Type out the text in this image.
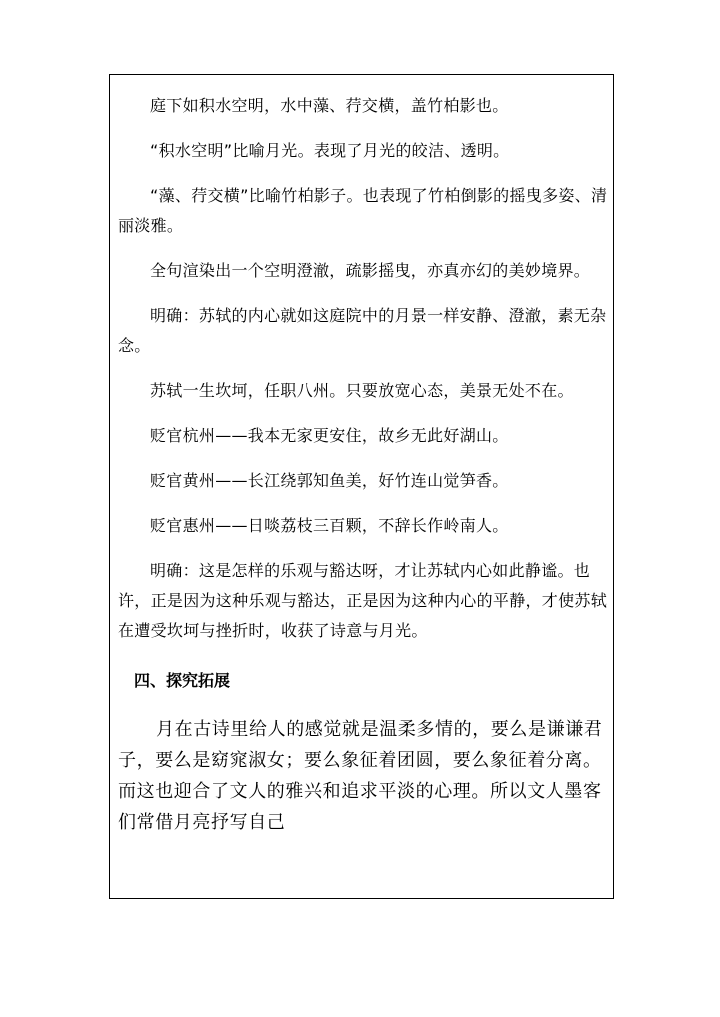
庭下如积水空明，水中藻、荇交横，盖竹柏影也。

“积水空明”比喻月光。表现了月光的皎洁、透明。

“藻、荇交横”比喻竹柏影子。也表现了竹柏倒影的摇曳多姿、清丽淡雅。

全句渲染出一个空明澄澈，疏影摇曳，亦真亦幻的美妙境界。

明确：苏轼的内心就如这庭院中的月景一样安静、澄澈，素无杂念。

苏轼一生坎坷，任职八州。只要放宽心态，美景无处不在。

贬官杭州——我本无家更安住，故乡无此好湖山。

贬官黄州——长江绕郭知鱼美，好竹连山觉笋香。

贬官惠州——日啖荔枝三百颗，不辞长作岭南人。

明确：这是怎样的乐观与豁达呀，才让苏轼内心如此静谧。也许，正是因为这种乐观与豁达，正是因为这种内心的平静，才使苏轼在遭受坎坷与挫折时，收获了诗意与月光。

四、探究拓展

月在古诗里给人的感觉就是温柔多情的，要么是谦谦君子，要么是窈窕淑女；要么象征着团圆，要么象征着分离。而这也迎合了文人的雅兴和追求平淡的心理。所以文人墨客们常借月亮抒写自己
